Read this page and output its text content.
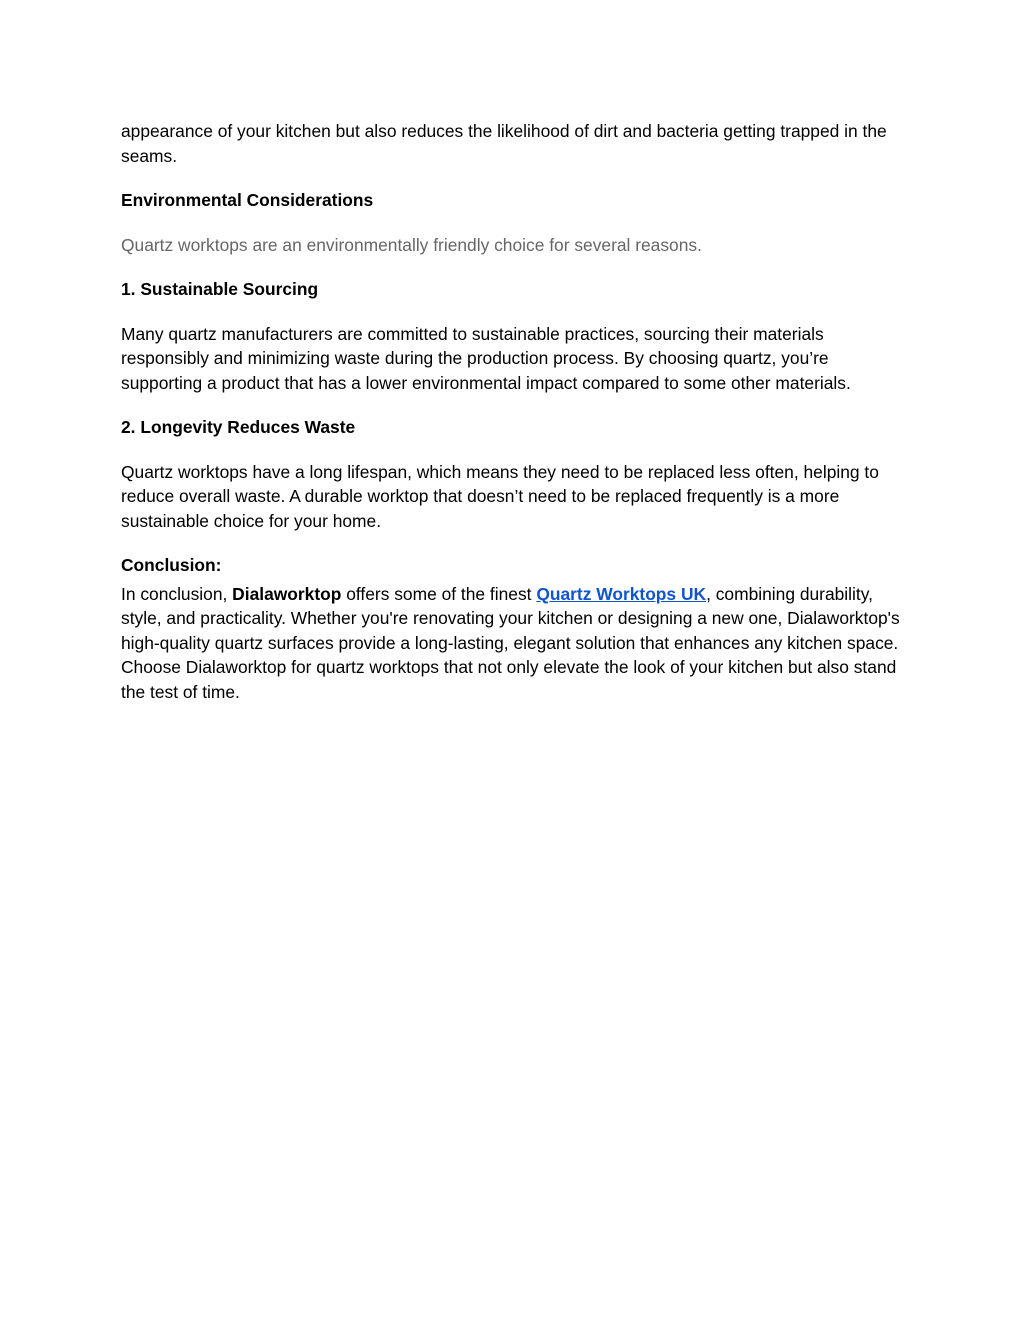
appearance of your kitchen but also reduces the likelihood of dirt and bacteria getting trapped in the seams.

Environmental Considerations

Quartz worktops are an environmentally friendly choice for several reasons.

1. Sustainable Sourcing

Many quartz manufacturers are committed to sustainable practices, sourcing their materials responsibly and minimizing waste during the production process. By choosing quartz, you’re supporting a product that has a lower environmental impact compared to some other materials.

2. Longevity Reduces Waste

Quartz worktops have a long lifespan, which means they need to be replaced less often, helping to reduce overall waste. A durable worktop that doesn’t need to be replaced frequently is a more sustainable choice for your home.

Conclusion:

In conclusion, Dialaworktop offers some of the finest Quartz Worktops UK, combining durability, style, and practicality. Whether you're renovating your kitchen or designing a new one, Dialaworktop's high-quality quartz surfaces provide a long-lasting, elegant solution that enhances any kitchen space. Choose Dialaworktop for quartz worktops that not only elevate the look of your kitchen but also stand the test of time.
